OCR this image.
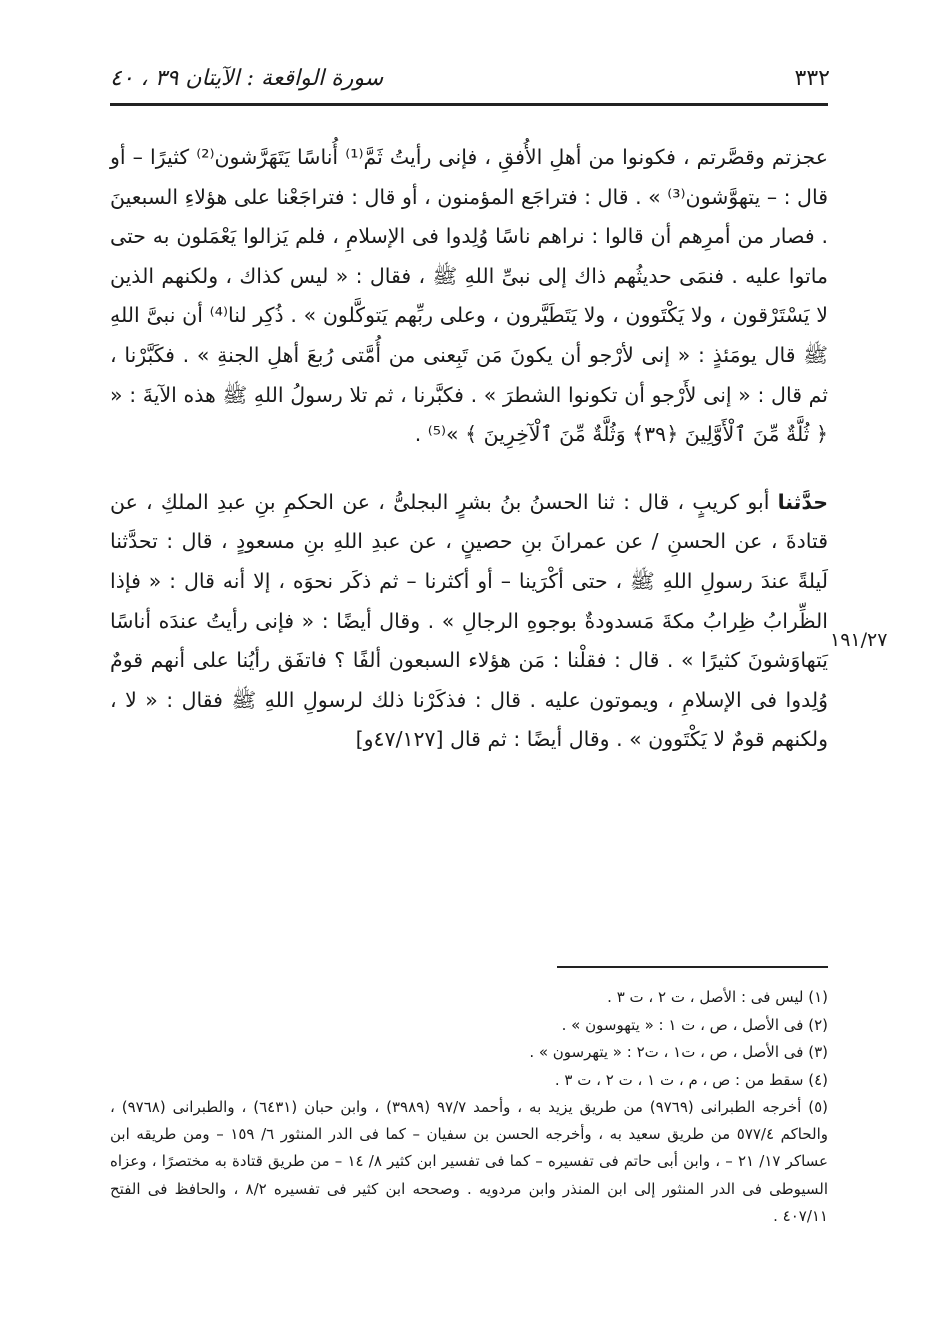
٣٣٢
سورة الواقعة : الآيتان ٣٩ ، ٤٠

عجزتم وقصَّرتم ، فكونوا من أهلِ الأُفقِ ، فإنى رأيتُ ثَمَّ⁽¹⁾ أُناسًا يَتَهَرَّشون⁽²⁾ كثيرًا – أو قال : – يتهوَّشون⁽³⁾ » . قال : فتراجَع المؤمنون ، أو قال : فتراجَعْنا على هؤلاءِ السبعينَ . فصار من أمرِهم أن قالوا : نراهم ناسًا وُلِدوا فى الإسلامِ ، فلم يَزالوا يَعْمَلون به حتى ماتوا عليه . فنمَى حديثُهم ذاك إلى نبىِّ اللهِ ﷺ ، فقال : « ليس كذاك ، ولكنهم الذين لا يَسْتَرْقون ، ولا يَكْتَوون ، ولا يَتَطَيَّرون ، وعلى ربِّهم يَتوكَّلون » . ذُكِر لنا⁽⁴⁾ أن نبىَّ اللهِ ﷺ قال يومَئذٍ : « إنى لأرْجو أن يكونَ مَن تَبِعنى من أُمَّتى رُبعَ أهلِ الجنةِ » . فكَبَّرْنا ، ثم قال : « إنى لأَرْجو أن تكونوا الشطرَ » . فكبَّرنا ، ثم تلا رسولُ اللهِ ﷺ هذه الآيةَ : « ﴿ ثُلَّةٌ مِّنَ ٱلْأَوَّلِينَ ﴿٣٩﴾ وَثُلَّةٌ مِّنَ ٱلْآخِرِينَ ﴾ »⁽⁵⁾ .

حدَّثنا أبو كريبٍ ، قال : ثنا الحسنُ بنُ بشرٍ البجلىُّ ، عن الحكمِ بنِ عبدِ الملكِ ، عن قتادةَ ، عن الحسنِ / عن عمرانَ بنِ حصينٍ ، عن عبدِ اللهِ بنِ مسعودٍ ، قال : تحدَّثنا لَيلةً عندَ رسولِ اللهِ ﷺ ، حتى أكْرَينا – أو أكثرنا – ثم ذكَر نحوَه ، إلا أنه قال : « فإذا الظِّرابُ ظِرابُ مكةَ مَسدودةٌ بوجوهِ الرجالِ » . وقال أيضًا : « فإنى رأيتُ عندَه أناسًا يَتهاوَشونَ كثيرًا » . قال : فقلْنا : مَن هؤلاء السبعون ألفًا ؟ فاتفَق رأيُنا على أنهم قومٌ وُلِدوا فى الإسلامِ ، ويموتون عليه . قال : فذكَرْنا ذلك لرسولِ اللهِ ﷺ فقال : « لا ، ولكنهم قومٌ لا يَكْتَوون » . وقال أيضًا : ثم قال [٤٧/١٢٧و]

١٩١/٢٧

(١) ليس فى : الأصل ، ت ٢ ، ت ٣ .

(٢) فى الأصل ، ص ، ت ١ : « يتهوسون » .

(٣) فى الأصل ، ص ، ت١ ، ت٢ : « يتهرسون » .

(٤) سقط من : ص ، م ، ت ١ ، ت ٢ ، ت ٣ .

(٥) أخرجه الطبرانى (٩٧٦٩) من طريق يزيد به ، وأحمد ٩٧/٧ (٣٩٨٩) ، وابن حبان (٦٤٣١) ، والطبرانى (٩٧٦٨) ، والحاكم ٥٧٧/٤ من طريق سعيد به ، وأخرجه الحسن بن سفيان – كما فى الدر المنثور ٦/ ١٥٩ – ومن طريقه ابن عساكر ١٧/ ٢١ – ، وابن أبى حاتم فى تفسيره – كما فى تفسير ابن كثير ٨/ ١٤ – من طريق قتادة به مختصرًا ، وعزاه السيوطى فى الدر المنثور إلى ابن المنذر وابن مردويه . وصححه ابن كثير فى تفسيره ٨/٢ ، والحافظ فى الفتح ٤٠٧/١١ .
